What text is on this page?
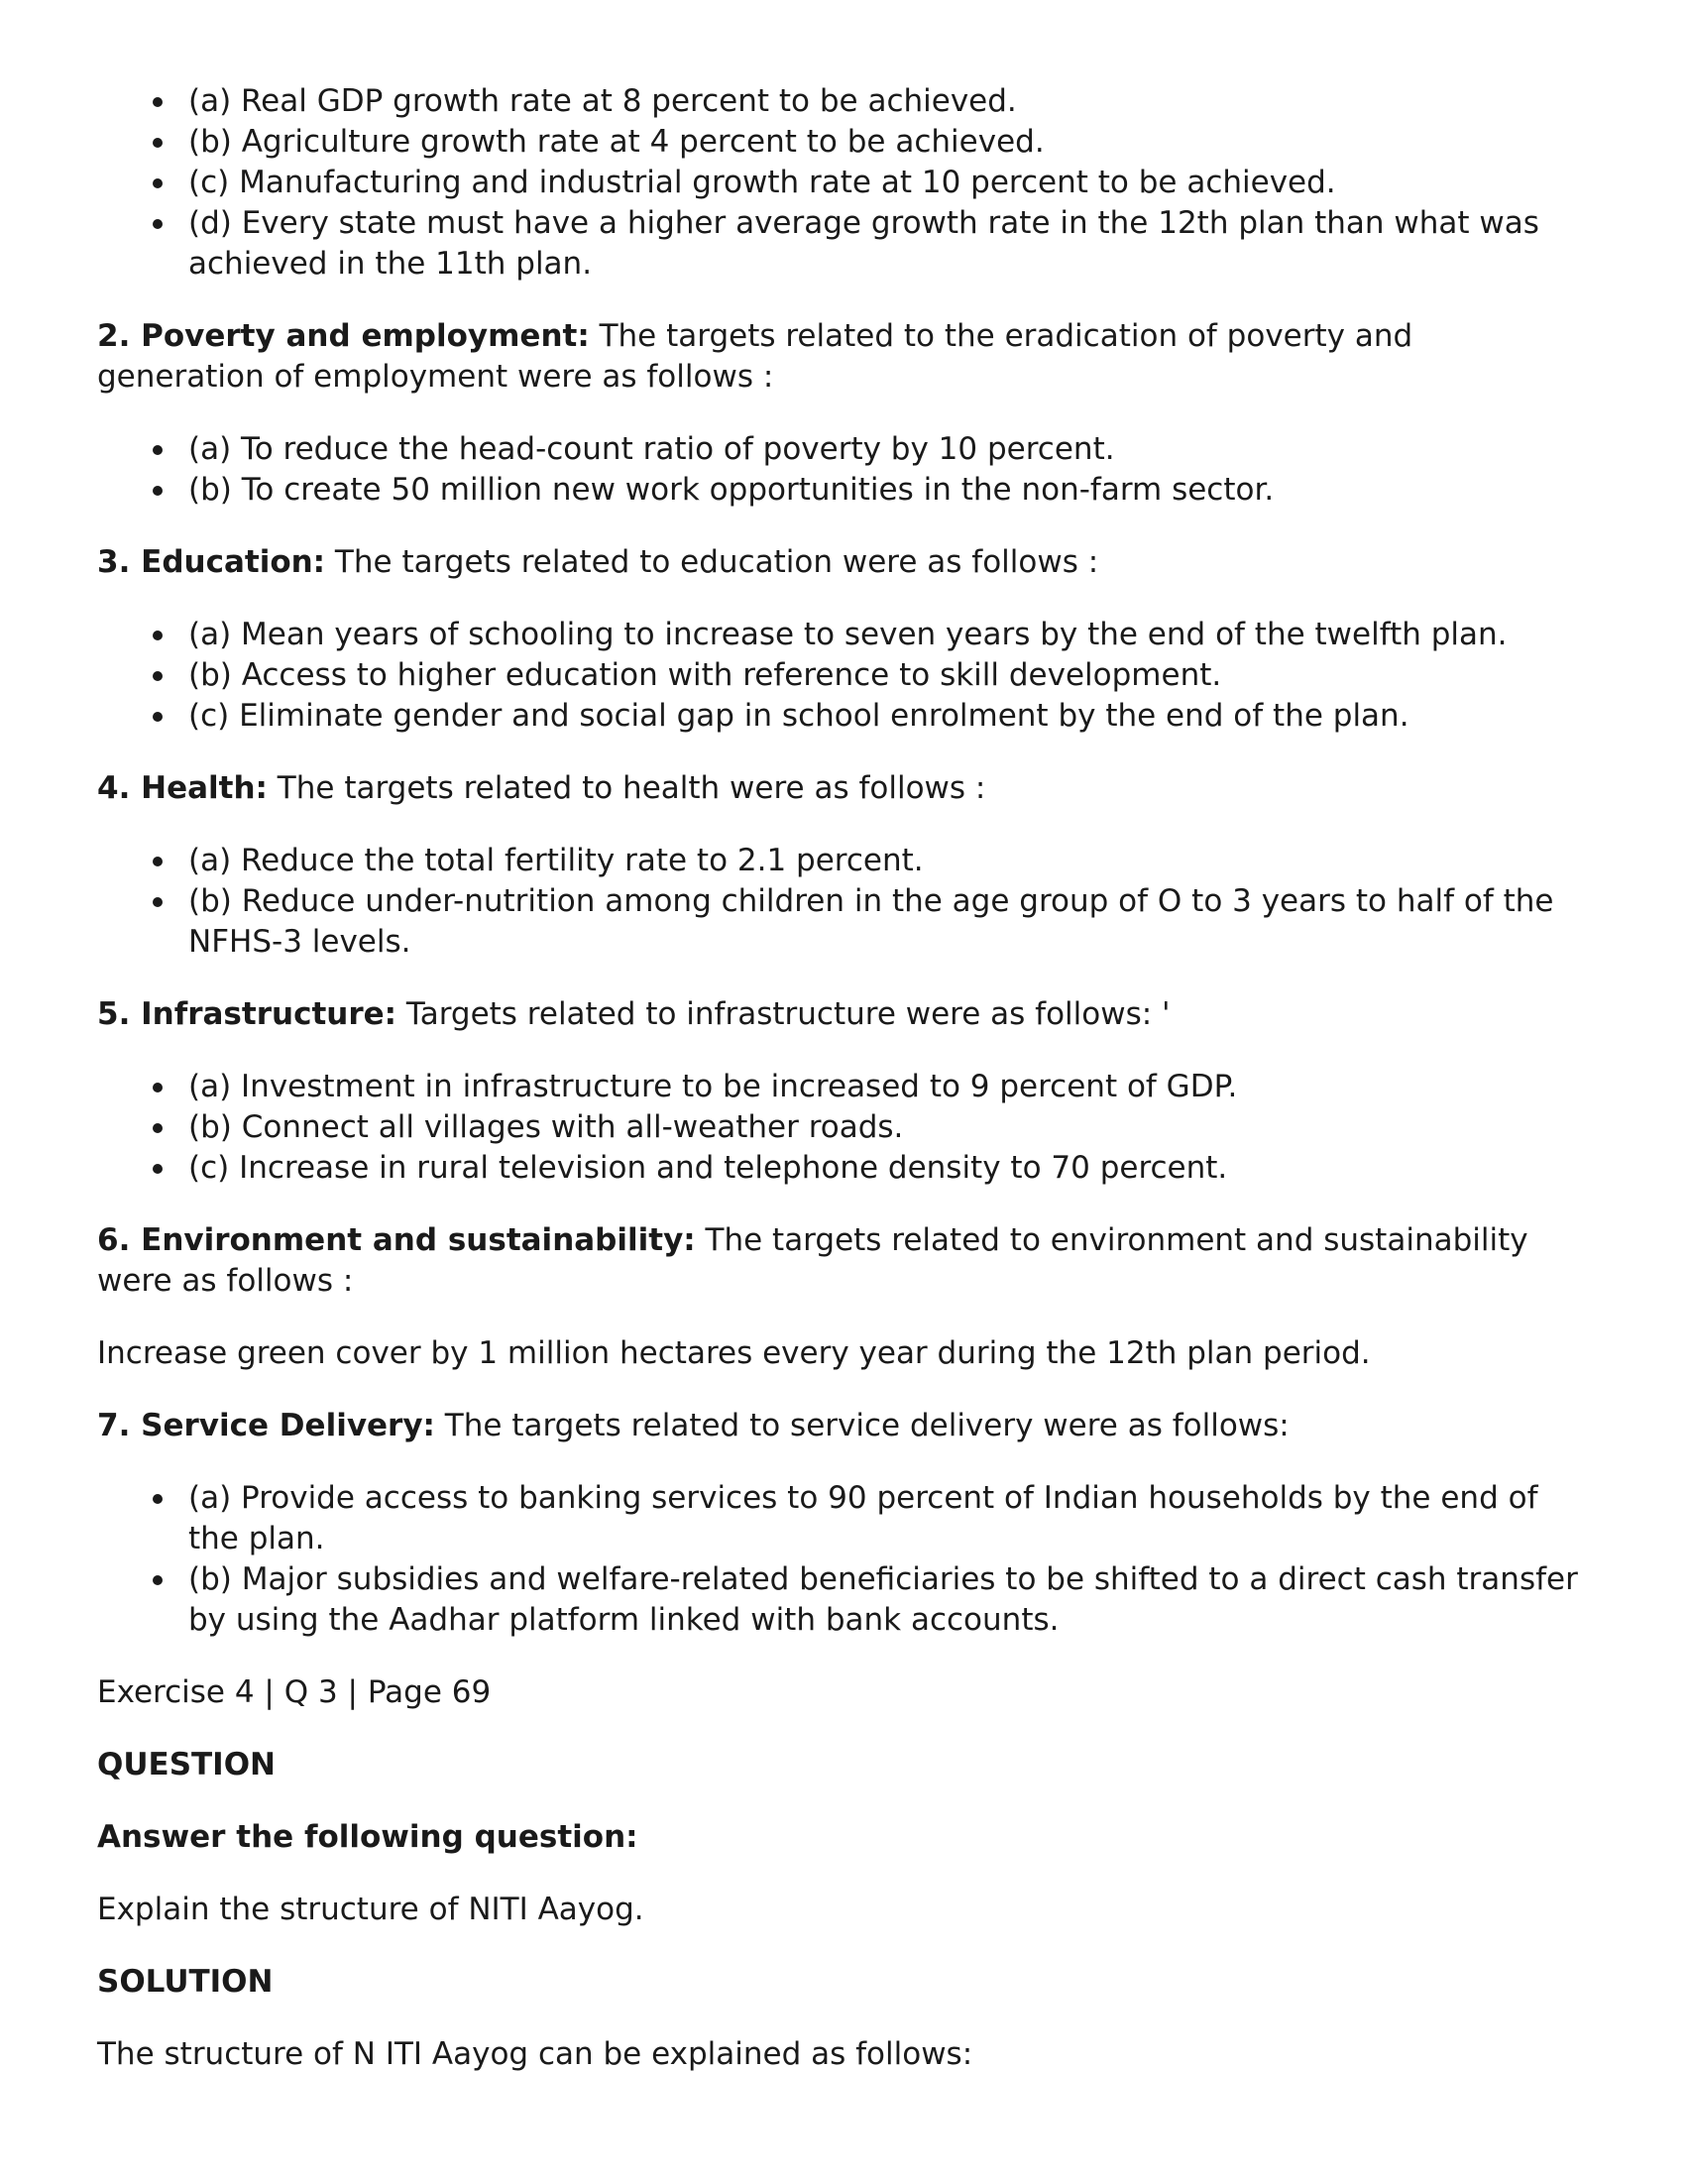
(a) Real GDP growth rate at 8 percent to be achieved.
(b) Agriculture growth rate at 4 percent to be achieved.
(c) Manufacturing and industrial growth rate at 10 percent to be achieved.
(d) Every state must have a higher average growth rate in the 12th plan than what was achieved in the 11th plan.

2. Poverty and employment: The targets related to the eradication of poverty and generation of employment were as follows :

(a) To reduce the head-count ratio of poverty by 10 percent.
(b) To create 50 million new work opportunities in the non-farm sector.

3. Education: The targets related to education were as follows :

(a) Mean years of schooling to increase to seven years by the end of the twelfth plan.
(b) Access to higher education with reference to skill development.
(c) Eliminate gender and social gap in school enrolment by the end of the plan.

4. Health: The targets related to health were as follows :

(a) Reduce the total fertility rate to 2.1 percent.
(b) Reduce under-nutrition among children in the age group of O to 3 years to half of the NFHS-3 levels.

5. Infrastructure: Targets related to infrastructure were as follows: '

(a) Investment in infrastructure to be increased to 9 percent of GDP.
(b) Connect all villages with all-weather roads.
(c) Increase in rural television and telephone density to 70 percent.

6. Environment and sustainability: The targets related to environment and sustainability were as follows :

Increase green cover by 1 million hectares every year during the 12th plan period.

7. Service Delivery: The targets related to service delivery were as follows:

(a) Provide access to banking services to 90 percent of Indian households by the end of the plan.
(b) Major subsidies and welfare-related beneficiaries to be shifted to a direct cash transfer by using the Aadhar platform linked with bank accounts.

Exercise 4 | Q 3 | Page 69

QUESTION

Answer the following question:

Explain the structure of NITI Aayog.

SOLUTION

The structure of N ITI Aayog can be explained as follows:
